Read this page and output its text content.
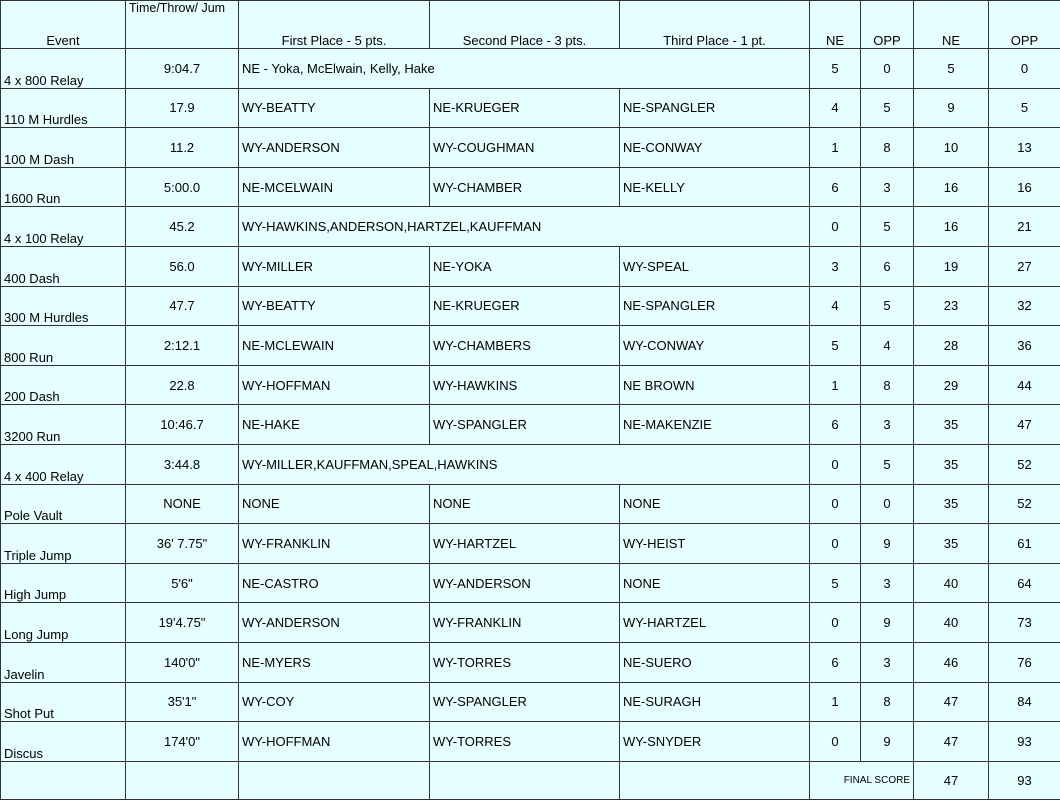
Event	Time/Throw/ Jum	First Place - 5 pts.	Second Place - 3 pts.	Third Place - 1 pt.	NE	OPP	NE	OPP
4 x 800 Relay	9:04.7	NE - Yoka, McElwain, Kelly, Hake			5	0	5	0
110 M Hurdles	17.9	WY-BEATTY	NE-KRUEGER	NE-SPANGLER	4	5	9	5
100 M Dash	11.2	WY-ANDERSON	WY-COUGHMAN	NE-CONWAY	1	8	10	13
1600 Run	5:00.0	NE-MCELWAIN	WY-CHAMBER	NE-KELLY	6	3	16	16
4 x 100 Relay	45.2	WY-HAWKINS,ANDERSON,HARTZEL,KAUFFMAN			0	5	16	21
400 Dash	56.0	WY-MILLER	NE-YOKA	WY-SPEAL	3	6	19	27
300 M Hurdles	47.7	WY-BEATTY	NE-KRUEGER	NE-SPANGLER	4	5	23	32
800 Run	2:12.1	NE-MCLEWAIN	WY-CHAMBERS	WY-CONWAY	5	4	28	36
200 Dash	22.8	WY-HOFFMAN	WY-HAWKINS	NE BROWN	1	8	29	44
3200 Run	10:46.7	NE-HAKE	WY-SPANGLER	NE-MAKENZIE	6	3	35	47
4 x 400 Relay	3:44.8	WY-MILLER,KAUFFMAN,SPEAL,HAWKINS			0	5	35	52
Pole Vault	NONE	NONE	NONE	NONE	0	0	35	52
Triple Jump	36' 7.75"	WY-FRANKLIN	WY-HARTZEL	WY-HEIST	0	9	35	61
High Jump	5'6"	NE-CASTRO	WY-ANDERSON	NONE	5	3	40	64
Long Jump	19'4.75"	WY-ANDERSON	WY-FRANKLIN	WY-HARTZEL	0	9	40	73
Javelin	140'0"	NE-MYERS	WY-TORRES	NE-SUERO	6	3	46	76
Shot Put	35'1"	WY-COY	WY-SPANGLER	NE-SURAGH	1	8	47	84
Discus	174'0"	WY-HOFFMAN	WY-TORRES	WY-SNYDER	0	9	47	93
					FINAL SCORE		47	93
